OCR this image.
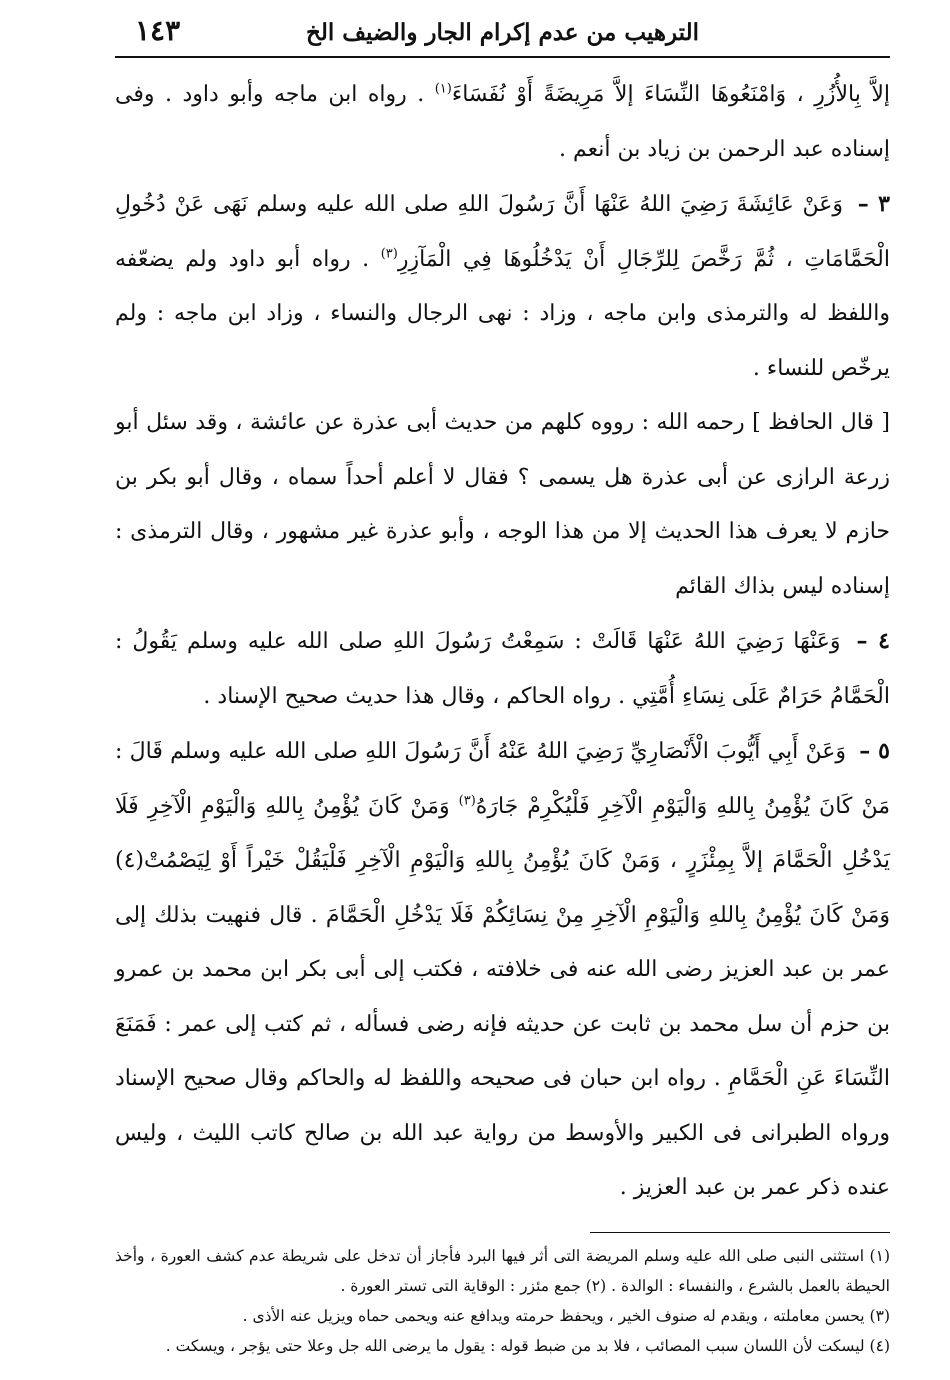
الترهيب من عدم إكرام الجار والضيف الخ
١٤٣

إلاَّ بِالأُزُرِ ، وَامْنَعُوهَا النِّسَاءَ إلاَّ مَرِيضَةً أَوْ نُفَسَاءَ$^{(١)}$ . رواه ابن ماجه وأبو داود . وفى إسناده عبد الرحمن بن زياد بن أنعم .

٣ – وَعَنْ عَائِشَةَ رَضِيَ اللهُ عَنْهَا أَنَّ رَسُولَ اللهِ صلى الله عليه وسلم نَهَى عَنْ دُخُولِ الْحَمَّامَاتِ ، ثُمَّ رَخَّصَ لِلرِّجَالِ أَنْ يَدْخُلُوهَا فِي الْمَآزِرِ$^{(٣)}$ . رواه أبو داود ولم يضعّفه واللفظ له والترمذى وابن ماجه ، وزاد : نهى الرجال والنساء ، وزاد ابن ماجه : ولم يرخّص للنساء .

[ قال الحافظ ] رحمه الله : رووه كلهم من حديث أبى عذرة عن عائشة ، وقد سئل أبو زرعة الرازى عن أبى عذرة هل يسمى ؟ فقال لا أعلم أحداً سماه ، وقال أبو بكر بن حازم لا يعرف هذا الحديث إلا من هذا الوجه ، وأبو عذرة غير مشهور ، وقال الترمذى : إسناده ليس بذاك القائم

٤ – وَعَنْهَا رَضِيَ اللهُ عَنْهَا قَالَتْ : سَمِعْتُ رَسُولَ اللهِ صلى الله عليه وسلم يَقُولُ : الْحَمَّامُ حَرَامٌ عَلَى نِسَاءِ أُمَّتِي . رواه الحاكم ، وقال هذا حديث صحيح الإسناد .

٥ – وَعَنْ أَبِي أَيُّوبَ الْأَنْصَارِيِّ رَضِيَ اللهُ عَنْهُ أَنَّ رَسُولَ اللهِ صلى الله عليه وسلم قَالَ : مَنْ كَانَ يُؤْمِنُ بِاللهِ وَالْيَوْمِ الْآخِرِ فَلْيُكْرِمْ جَارَهُ$^{(٣)}$ وَمَنْ كَانَ يُؤْمِنُ بِاللهِ وَالْيَوْمِ الْآخِرِ فَلَا يَدْخُلِ الْحَمَّامَ إلاَّ بِمِئْزَرٍ ، وَمَنْ كَانَ يُؤْمِنُ بِاللهِ وَالْيَوْمِ الْآخِرِ فَلْيَقُلْ خَيْراً أَوْ لِيَصْمُتْ(٤) وَمَنْ كَانَ يُؤْمِنُ بِاللهِ وَالْيَوْمِ الْآخِرِ مِنْ نِسَائِكُمْ فَلَا يَدْخُلِ الْحَمَّامَ . قال فنهيت بذلك إلى عمر بن عبد العزيز رضى الله عنه فى خلافته ، فكتب إلى أبى بكر ابن محمد بن عمرو بن حزم أن سل محمد بن ثابت عن حديثه فإنه رضى فسأله ، ثم كتب إلى عمر : فَمَنَعَ النِّسَاءَ عَنِ الْحَمَّامِ . رواه ابن حبان فى صحيحه واللفظ له والحاكم وقال صحيح الإسناد ورواه الطبرانى فى الكبير والأوسط من رواية عبد الله بن صالح كاتب الليث ، وليس عنده ذكر عمر بن عبد العزيز .

(١) استثنى النبى صلى الله عليه وسلم المريضة التى أثر فيها البرد فأجاز أن تدخل على شريطة عدم كشف العورة ، وأخذ الحيطة بالعمل بالشرع ، والنفساء : الوالدة . (٢) جمع مئزر : الوقاية التى تستر العورة .

(٣) يحسن معاملته ، ويقدم له صنوف الخير ، ويحفظ حرمته ويدافع عنه ويحمى حماه ويزيل عنه الأذى .

(٤) ليسكت لأن اللسان سبب المصائب ، فلا بد من ضبط قوله : يقول ما يرضى الله جل وعلا حتى يؤجر ، ويسكت .
